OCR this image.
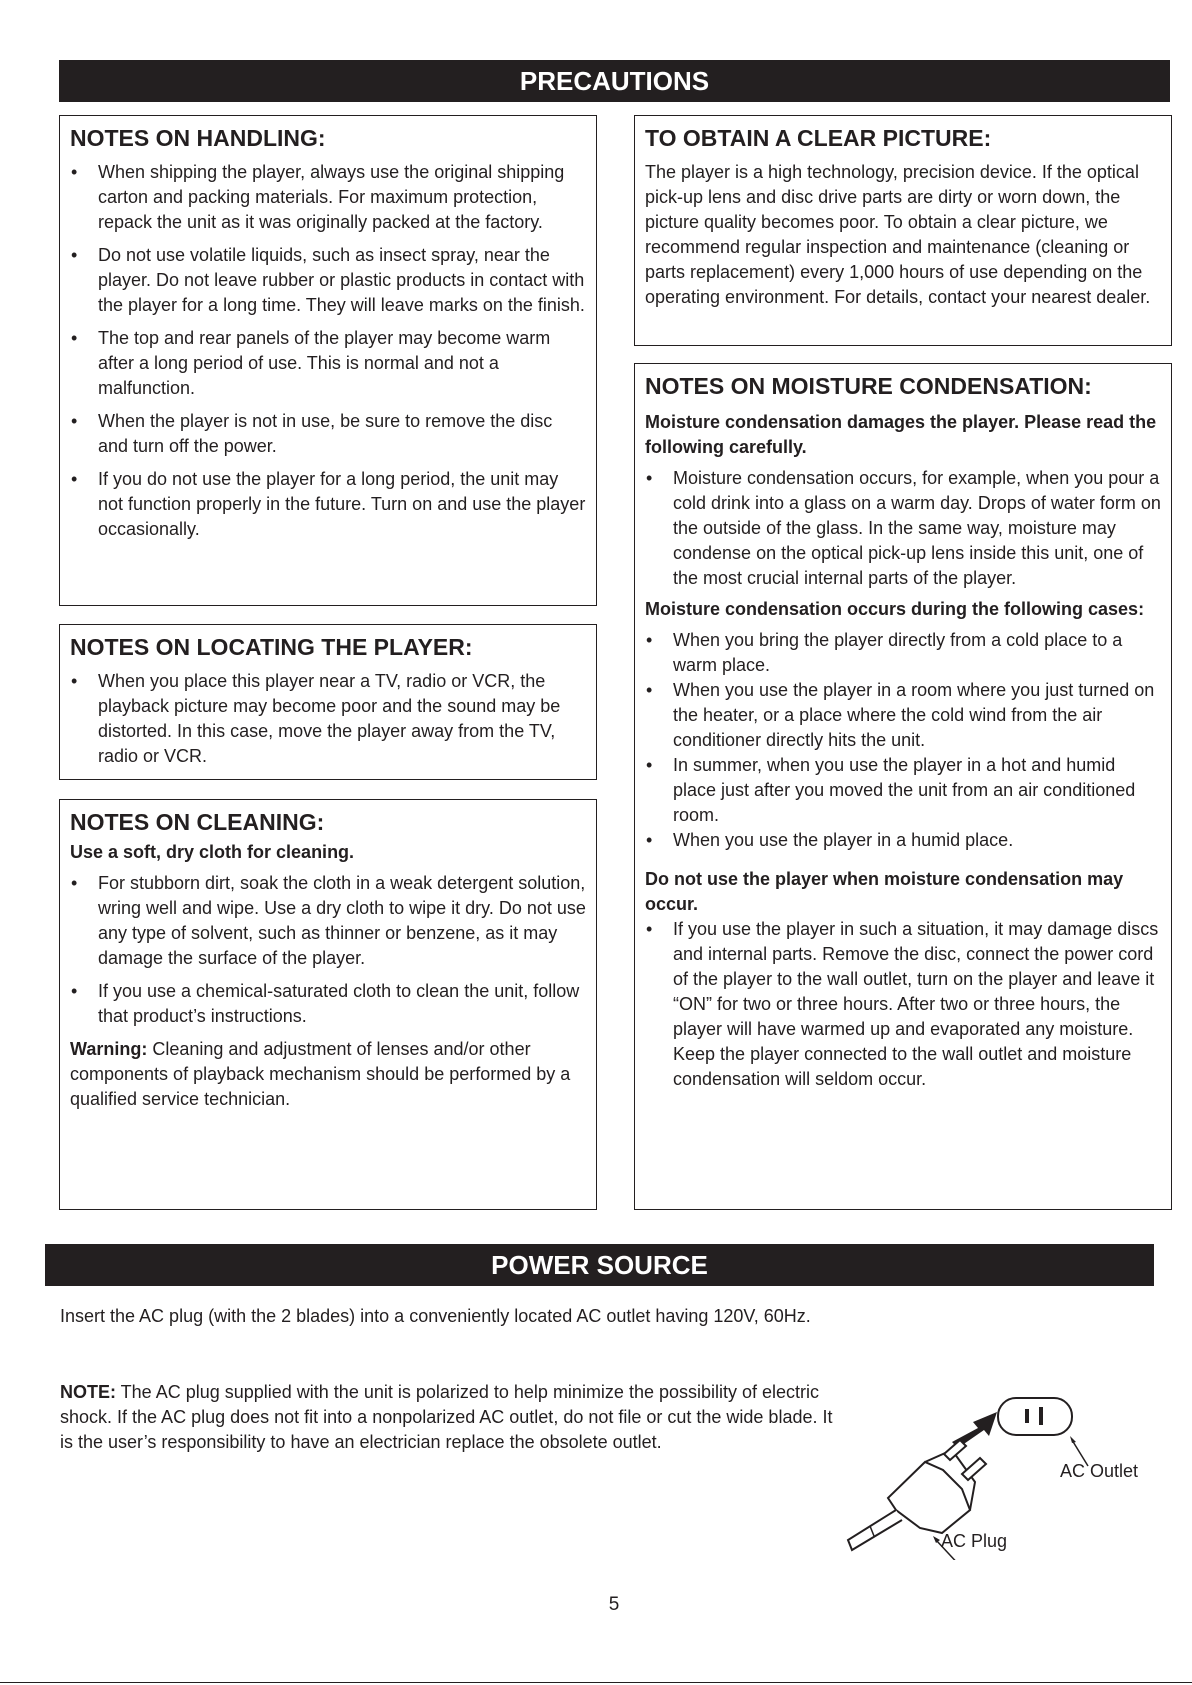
PRECAUTIONS
NOTES ON HANDLING:
• When shipping the player, always use the original shipping carton and packing materials. For maximum protection, repack the unit as it was originally packed at the factory.
• Do not use volatile liquids, such as insect spray, near the player. Do not leave rubber or plastic products in contact with the player for a long time. They will leave marks on the finish.
• The top and rear panels of the player may become warm after a long period of use. This is normal and not a malfunction.
• When the player is not in use, be sure to remove the disc and turn off the power.
• If you do not use the player for a long period, the unit may not function properly in the future. Turn on and use the player occasionally.
NOTES ON LOCATING THE PLAYER:
• When you place this player near a TV, radio or VCR, the playback picture may become poor and the sound may be distorted. In this case, move the player away from the TV, radio or VCR.
NOTES ON CLEANING:

Use a soft, dry cloth for cleaning.

• For stubborn dirt, soak the cloth in a weak detergent solution, wring well and wipe. Use a dry cloth to wipe it dry. Do not use any type of solvent, such as thinner or benzene, as it may damage the surface of the player.
• If you use a chemical-saturated cloth to clean the unit, follow that product’s instructions.

Warning: Cleaning and adjustment of lenses and/or other components of playback mechanism should be performed by a qualified service technician.

TO OBTAIN A CLEAR PICTURE:

The player is a high technology, precision device. If the optical pick-up lens and disc drive parts are dirty or worn down, the picture quality becomes poor. To obtain a clear picture, we recommend regular inspection and maintenance (cleaning or parts replacement) every 1,000 hours of use depending on the operating environment. For details, contact your nearest dealer.

NOTES ON MOISTURE CONDENSATION:

Moisture condensation damages the player. Please read the following carefully.

• Moisture condensation occurs, for example, when you pour a cold drink into a glass on a warm day. Drops of water form on the outside of the glass. In the same way, moisture may condense on the optical pick-up lens inside this unit, one of the most crucial internal parts of the player.

Moisture condensation occurs during the following cases:

• When you bring the player directly from a cold place to a warm place.
• When you use the player in a room where you just turned on the heater, or a place where the cold wind from the air conditioner directly hits the unit.
• In summer, when you use the player in a hot and humid place just after you moved the unit from an air conditioned room.
• When you use the player in a humid place.

Do not use the player when moisture condensation may occur.

• If you use the player in such a situation, it may damage discs and internal parts. Remove the disc, connect the power cord of the player to the wall outlet, turn on the player and leave it “ON” for two or three hours. After two or three hours, the player will have warmed up and evaporated any moisture. Keep the player connected to the wall outlet and moisture condensation will seldom occur.
POWER SOURCE

Insert the AC plug (with the 2 blades) into a conveniently located AC outlet having 120V, 60Hz.

NOTE: The AC plug supplied with the unit is polarized to help minimize the possibility of electric shock. If the AC plug does not fit into a nonpolarized AC outlet, do not file or cut the wide blade. It is the user’s responsibility to have an electrician replace the obsolete outlet.

AC Outlet
AC Plug
5
